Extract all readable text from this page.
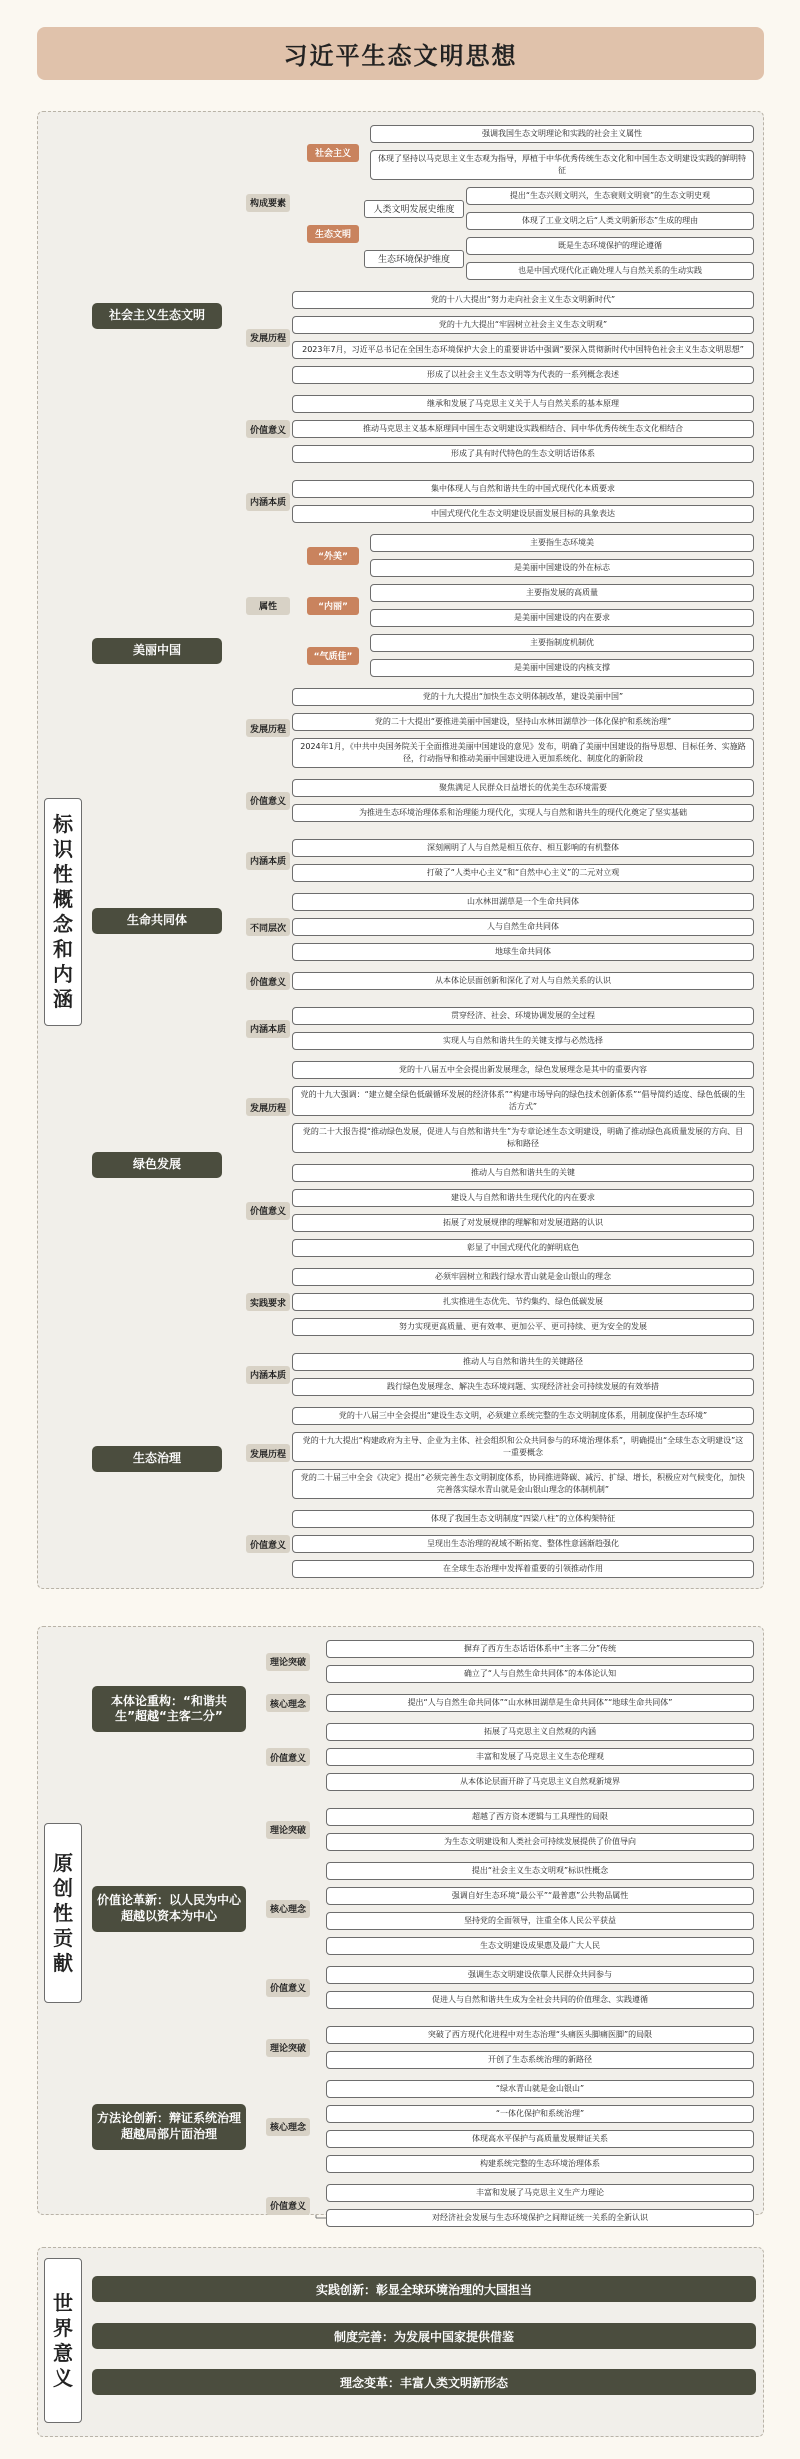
习近平生态文明思想
标
识
性
概
念
和
内
涵
强调我国生态文明理论和实践的社会主义属性
体现了坚持以马克思主义生态观为指导，厚植于中华优秀传统生态文化和中国生态文明建设实践的鲜明特征
社会主义
提出“生态兴则文明兴，生态衰则文明衰”的生态文明史观
体现了工业文明之后“人类文明新形态”生成的理由
人类文明发展史维度
既是生态环境保护的理论遵循
也是中国式现代化正确处理人与自然关系的生动实践
生态环境保护维度
生态文明
构成要素
党的十八大提出“努力走向社会主义生态文明新时代”
党的十九大提出“牢固树立社会主义生态文明观”
2023年7月，习近平总书记在全国生态环境保护大会上的重要讲话中强调“要深入贯彻新时代中国特色社会主义生态文明思想”
形成了以社会主义生态文明等为代表的一系列概念表述
发展历程
继承和发展了马克思主义关于人与自然关系的基本原理
推动马克思主义基本原理同中国生态文明建设实践相结合、同中华优秀传统生态文化相结合
形成了具有时代特色的生态文明话语体系
价值意义
社会主义生态文明
集中体现人与自然和谐共生的中国式现代化本质要求
中国式现代化生态文明建设层面发展目标的具象表达
内涵本质
主要指生态环境美
是美丽中国建设的外在标志
“外美”
主要指发展的高质量
是美丽中国建设的内在要求
“内丽”
主要指制度机制优
是美丽中国建设的内核支撑
“气质佳”
属性
党的十九大提出“加快生态文明体制改革，建设美丽中国”
党的二十大提出“要推进美丽中国建设，坚持山水林田湖草沙一体化保护和系统治理”
2024年1月，《中共中央国务院关于全面推进美丽中国建设的意见》发布，明确了美丽中国建设的指导思想、目标任务、实施路径，行动指导和推动美丽中国建设进入更加系统化、制度化的新阶段
发展历程
聚焦满足人民群众日益增长的优美生态环境需要
为推进生态环境治理体系和治理能力现代化，实现人与自然和谐共生的现代化奠定了坚实基础
价值意义
美丽中国
深刻阐明了人与自然是相互依存、相互影响的有机整体
打破了“人类中心主义”和“自然中心主义”的二元对立观
内涵本质
山水林田湖草是一个生命共同体
人与自然生命共同体
地球生命共同体
不同层次
从本体论层面创新和深化了对人与自然关系的认识
价值意义
生命共同体
贯穿经济、社会、环境协调发展的全过程
实现人与自然和谐共生的关键支撑与必然选择
内涵本质
党的十八届五中全会提出新发展理念，绿色发展理念是其中的重要内容
党的十九大强调：“建立健全绿色低碳循环发展的经济体系”“构建市场导向的绿色技术创新体系”“倡导简约适度、绿色低碳的生活方式”
党的二十大报告提“推动绿色发展，促进人与自然和谐共生”为专章论述生态文明建设，明确了推动绿色高质量发展的方向、目标和路径
发展历程
推动人与自然和谐共生的关键
建设人与自然和谐共生现代化的内在要求
拓展了对发展规律的理解和对发展道路的认识
彰显了中国式现代化的鲜明底色
价值意义
必须牢固树立和践行绿水青山就是金山银山的理念
扎实推进生态优先、节约集约、绿色低碳发展
努力实现更高质量、更有效率、更加公平、更可持续、更为安全的发展
实践要求
绿色发展
推动人与自然和谐共生的关键路径
践行绿色发展理念、解决生态环境问题、实现经济社会可持续发展的有效举措
内涵本质
党的十八届三中全会提出“建设生态文明，必须建立系统完整的生态文明制度体系，用制度保护生态环境”
党的十九大提出“构建政府为主导、企业为主体、社会组织和公众共同参与的环境治理体系”，明确提出“全球生态文明建设”这一重要概念
党的二十届三中全会《决定》提出“必须完善生态文明制度体系，协同推进降碳、减污、扩绿、增长，积极应对气候变化，加快完善落实绿水青山就是金山银山理念的体制机制”
发展历程
体现了我国生态文明制度“四梁八柱”的立体构架特征
呈现出生态治理的视域不断拓宽、整体性意涵渐趋强化
在全球生态治理中发挥着重要的引领推动作用
价值意义
生态治理
原
创
性
贡
献
摒弃了西方生态话语体系中“主客二分”传统
确立了“人与自然生命共同体”的本体论认知
理论突破
提出“人与自然生命共同体”“山水林田湖草是生命共同体”“地球生命共同体”
核心理念
拓展了马克思主义自然观的内涵
丰富和发展了马克思主义生态伦理观
从本体论层面开辟了马克思主义自然观新境界
价值意义
本体论重构：“和谐共生”超越“主客二分”
超越了西方资本逻辑与工具理性的局限
为生态文明建设和人类社会可持续发展提供了价值导向
理论突破
提出“社会主义生态文明观”标识性概念
强调自好生态环境“最公平”“最普惠”公共物品属性
坚持党的全面领导，注重全体人民公平获益
生态文明建设成果惠及最广大人民
核心理念
强调生态文明建设依靠人民群众共同参与
促进人与自然和谐共生成为全社会共同的价值理念、实践遵循
价值意义
价值论革新：以人民为中心超越以资本为中心
突破了西方现代化进程中对生态治理“头痛医头脚痛医脚”的局限
开创了生态系统治理的新路径
理论突破
“绿水青山就是金山银山”
“一体化保护和系统治理”
体现高水平保护与高质量发展辩证关系
构建系统完整的生态环境治理体系
核心理念
丰富和发展了马克思主义生产力理论
对经济社会发展与生态环境保护之间辩证统一关系的全新认识
价值意义
方法论创新：辩证系统治理超越局部片面治理
世
界
意
义
实践创新：彰显全球环境治理的大国担当
制度完善：为发展中国家提供借鉴
理念变革：丰富人类文明新形态
